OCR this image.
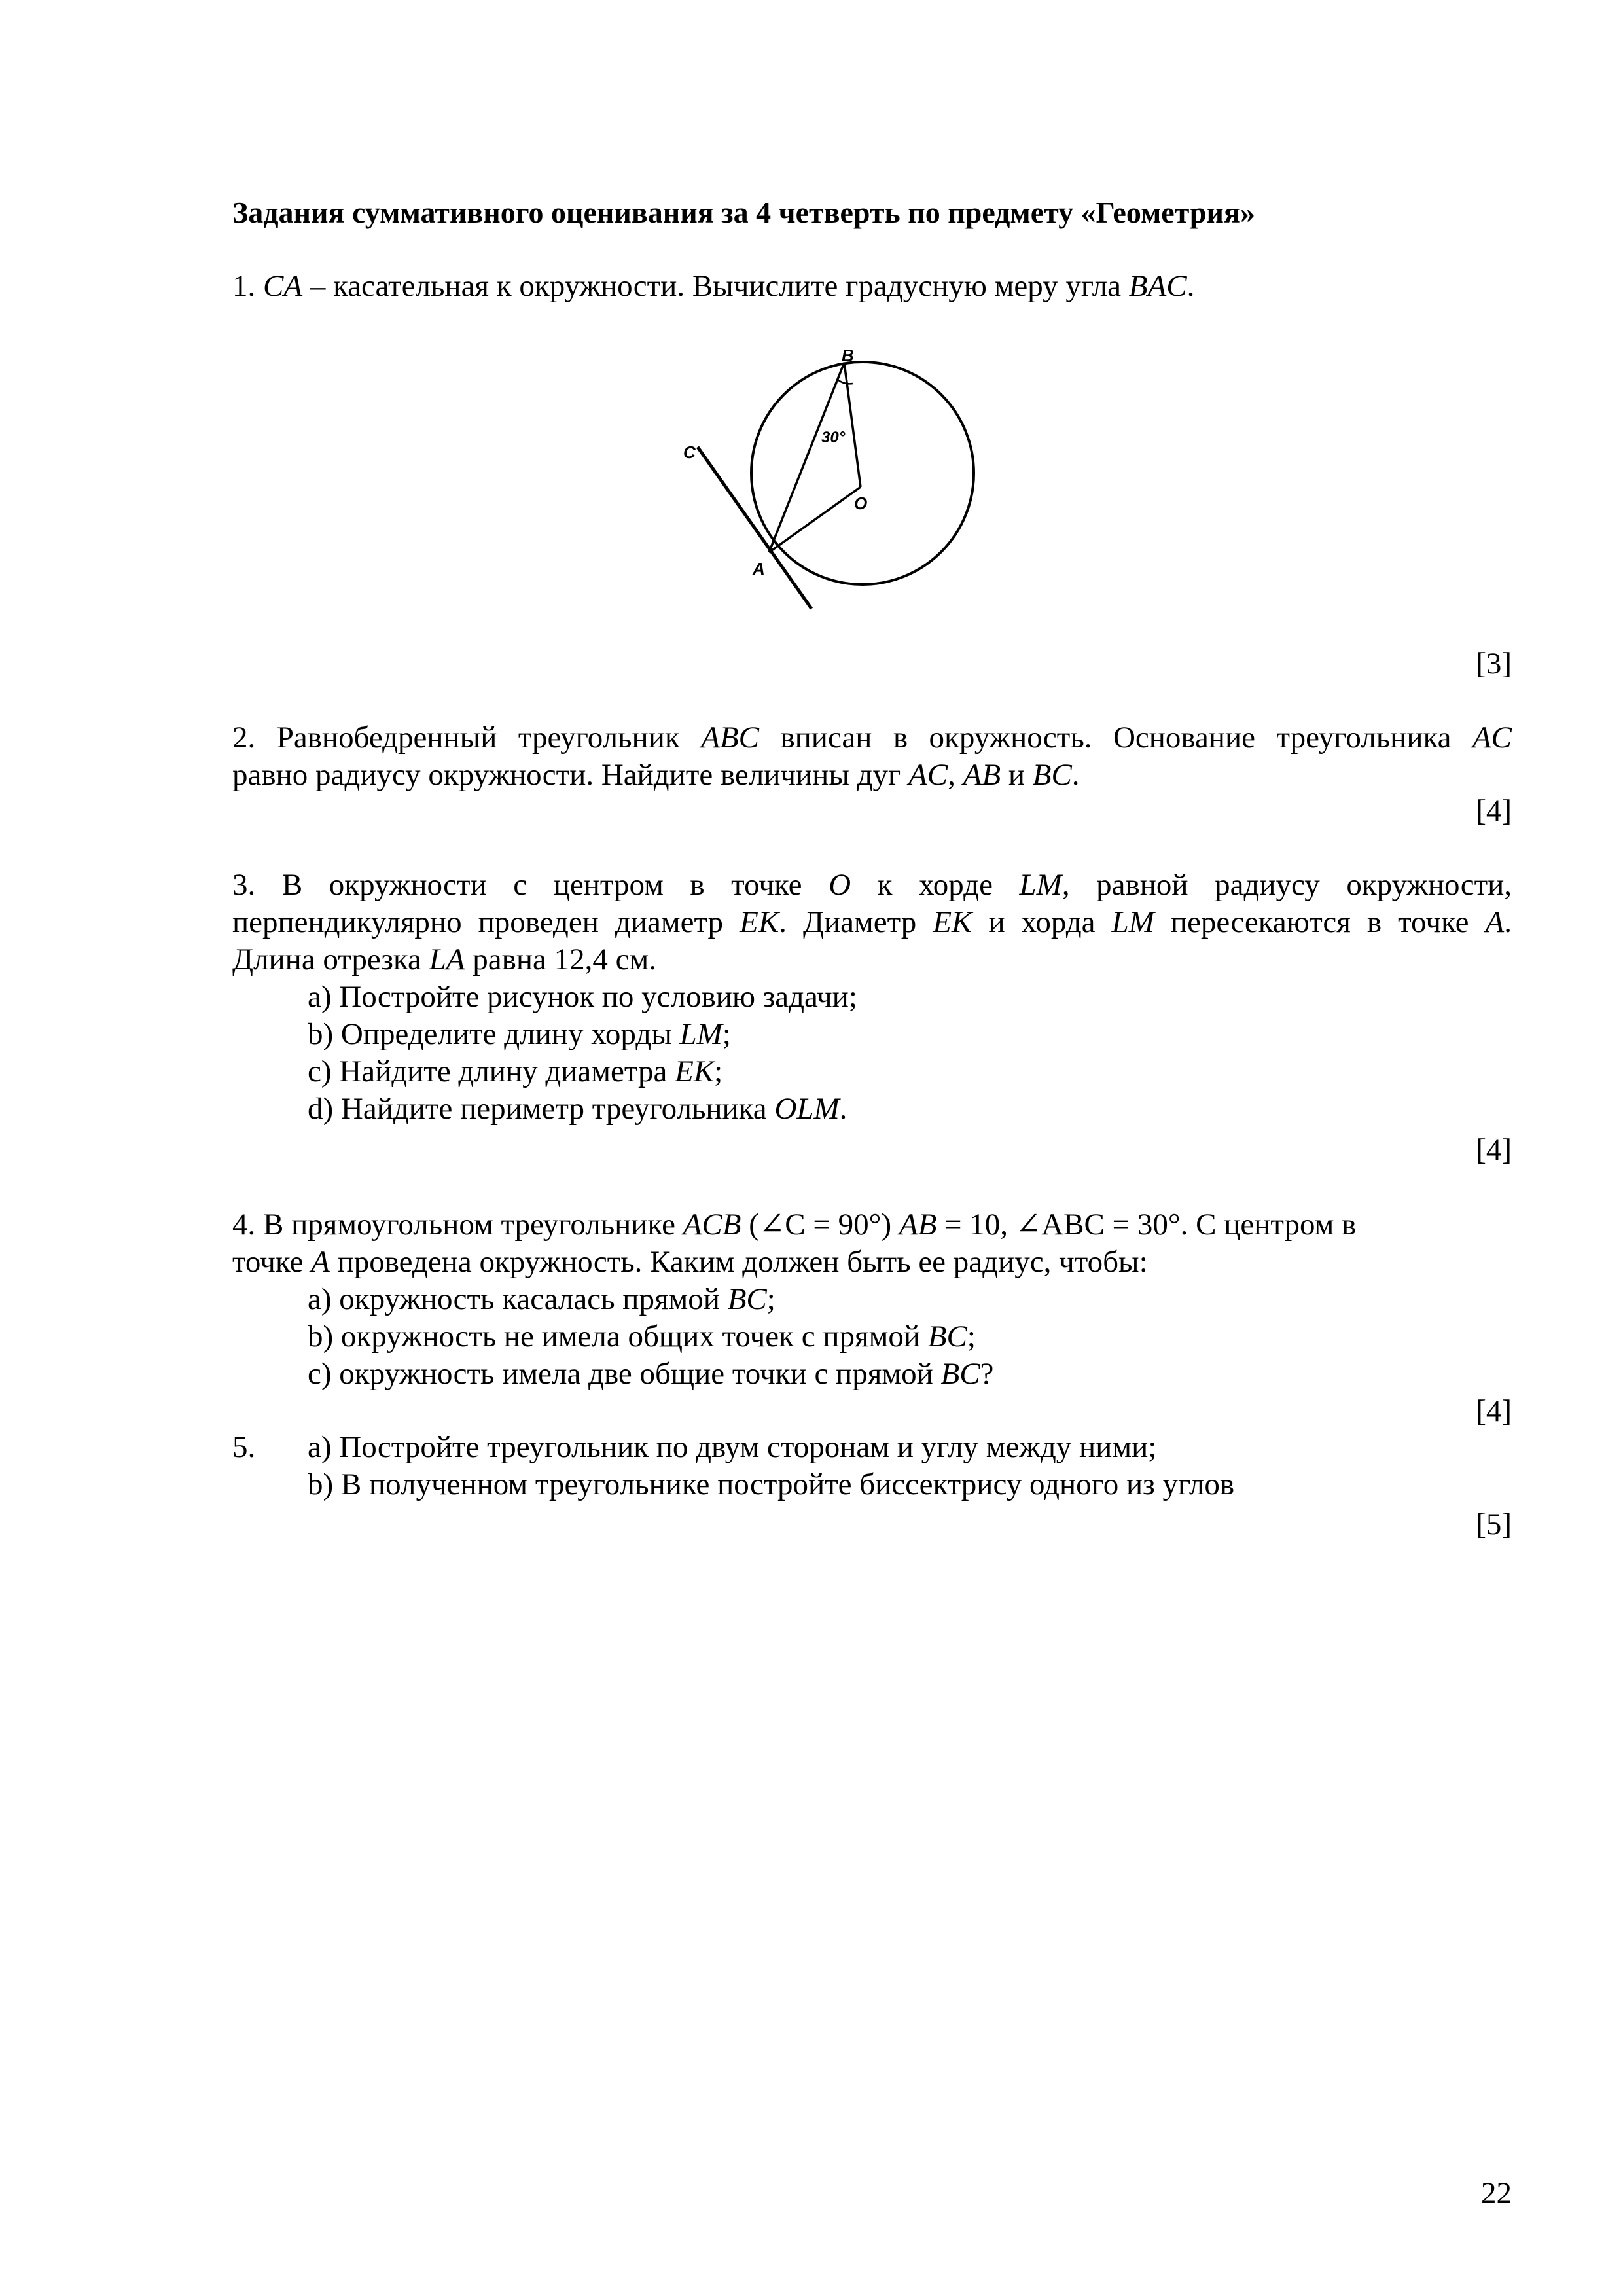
Задания суммативного оценивания за 4 четверть по предмету «Геометрия»
1. CA – касательная к окружности. Вычислите градусную меру угла BAC.
B
C
O
A
30°
[3]
2. Равнобедренный треугольник ABC вписан в окружность. Основание треугольника AC
равно радиусу окружности. Найдите величины дуг AC, AB и BC.
[4]
3. В окружности с центром в точке O к хорде LM, равной радиусу окружности,
перпендикулярно проведен диаметр EK. Диаметр EK и хорда LM пересекаются в точке A.
Длина отрезка LA равна 12,4 см.
a) Постройте рисунок по условию задачи;
b) Определите длину хорды LM;
c) Найдите длину диаметра EK;
d) Найдите периметр треугольника OLM.
[4]
4. В прямоугольном треугольнике ACB (∠C = 90°) AB = 10, ∠ABC = 30°. С центром в
точке A проведена окружность. Каким должен быть ее радиус, чтобы:
а) окружность касалась прямой BC;
b) окружность не имела общих точек с прямой BC;
c) окружность имела две общие точки с прямой BC?
[4]
5. а) Постройте треугольник по двум сторонам и углу между ними;
b) В полученном треугольнике постройте биссектрису одного из углов
[5]
22
